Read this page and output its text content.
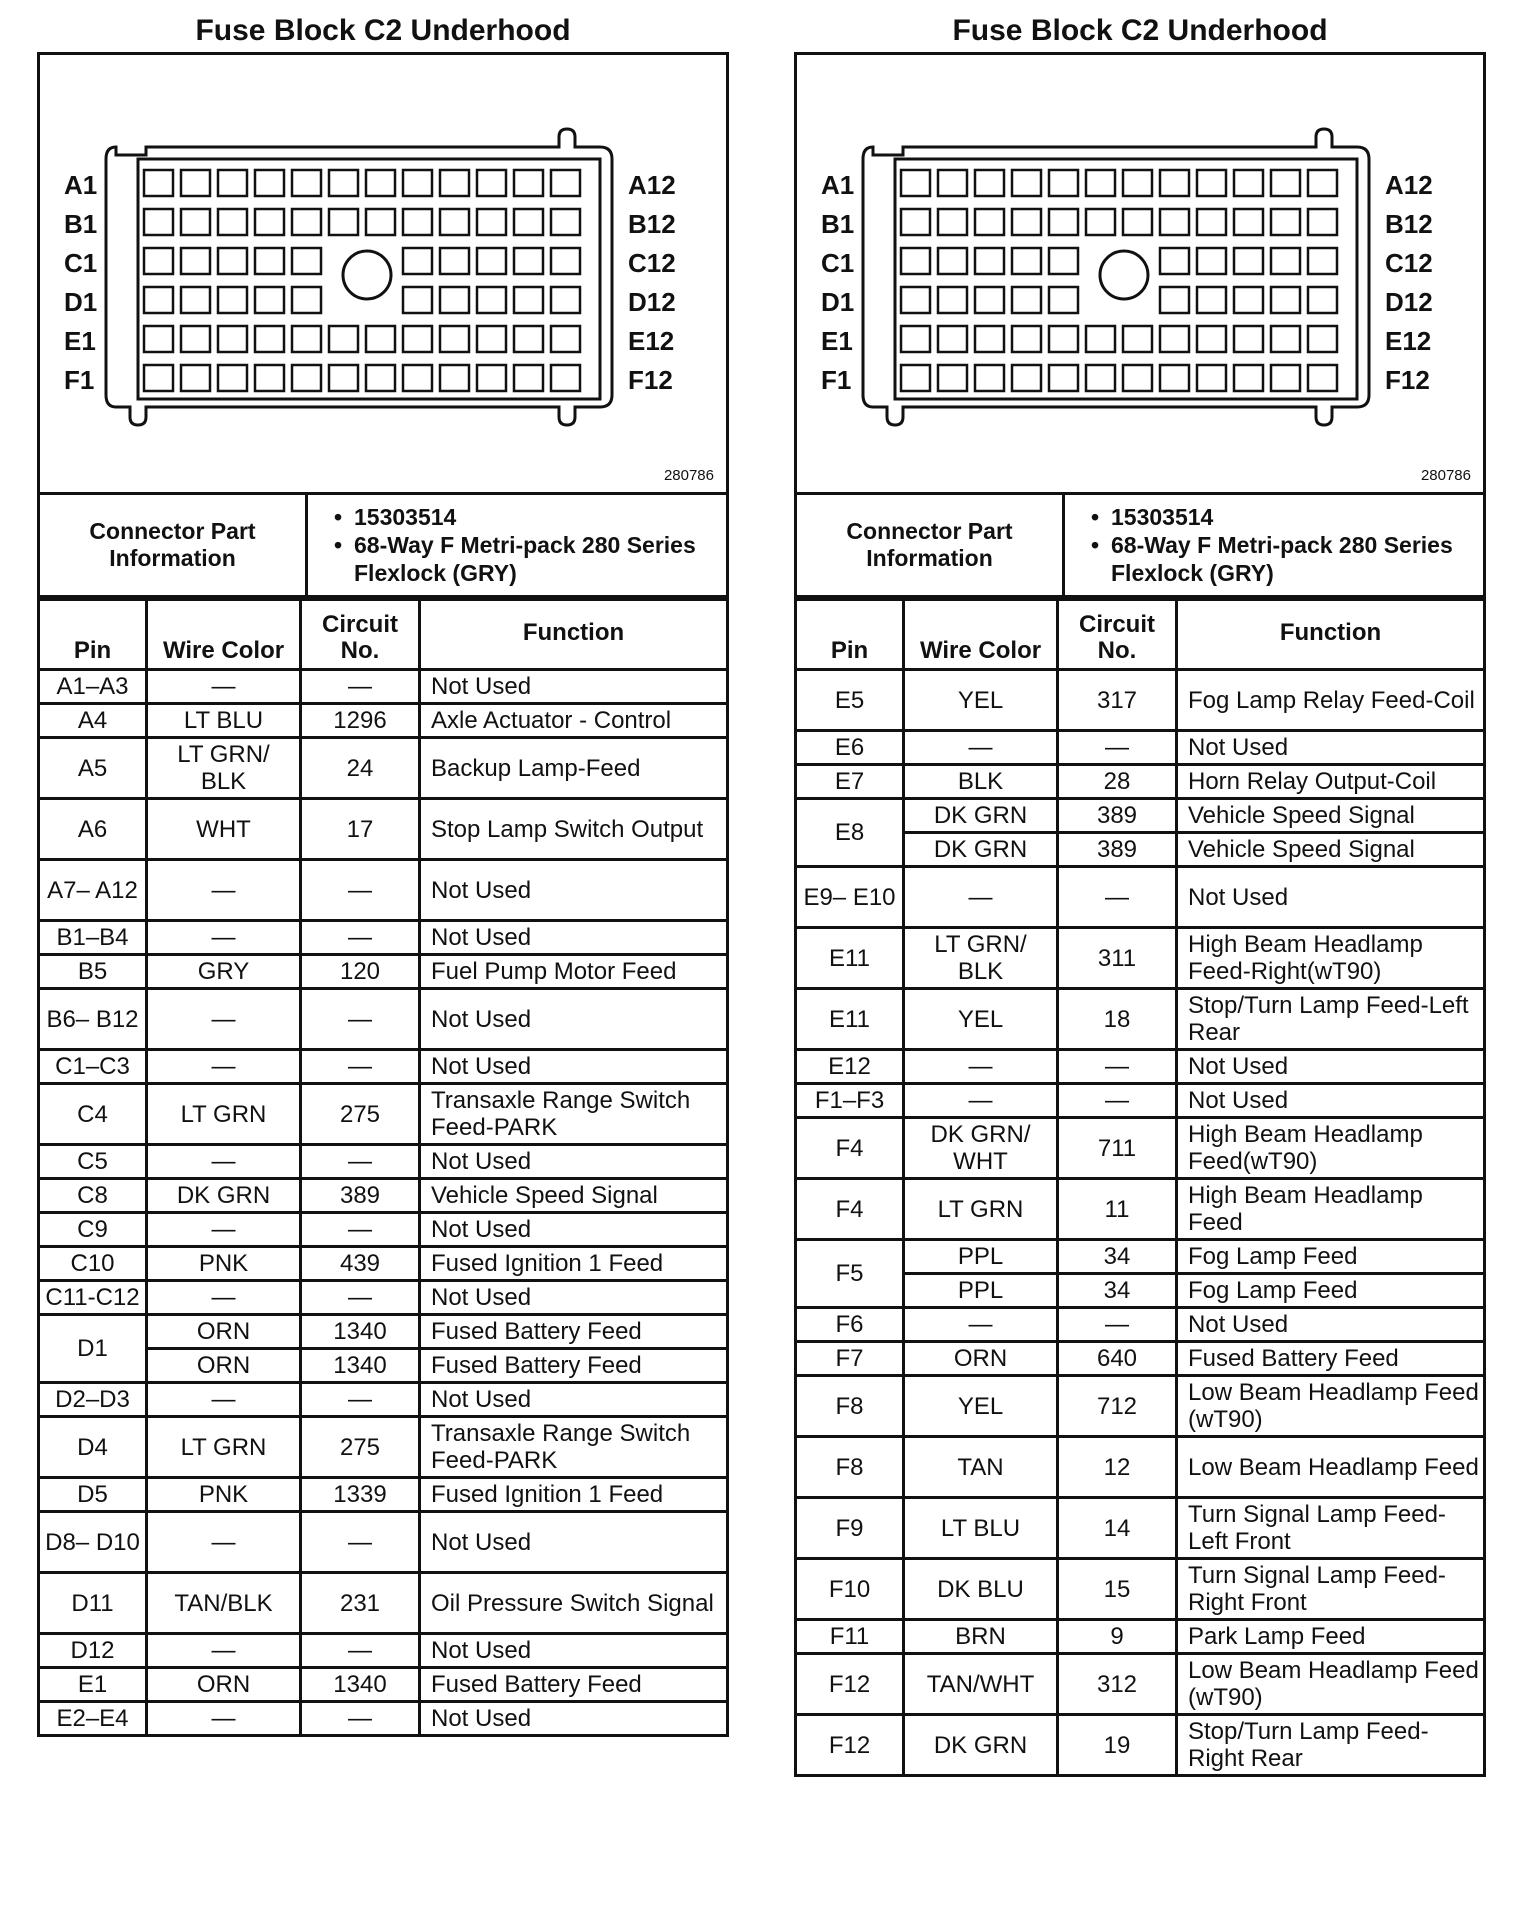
Fuse Block C2 Underhood
A1
B1
C1
D1
E1
F1
A12
B12
C12
D12
E12
F12
280786
Connector Part Information	
• 15303514
• 68-Way F Metri-pack 280 Series Flexlock (GRY)
Pin	Wire Color	Circuit No.	Function
A1–A3	—	—	Not Used
A4	LT BLU	1296	Axle Actuator - Control
A5	LT GRN/ BLK	24	Backup Lamp-Feed
A6	WHT	17	Stop Lamp Switch Output
A7– A12	—	—	Not Used
B1–B4	—	—	Not Used
B5	GRY	120	Fuel Pump Motor Feed
B6– B12	—	—	Not Used
C1–C3	—	—	Not Used
C4	LT GRN	275	Transaxle Range Switch Feed-PARK
C5	—	—	Not Used
C8	DK GRN	389	Vehicle Speed Signal
C9	—	—	Not Used
C10	PNK	439	Fused Ignition 1 Feed
C11-C12	—	—	Not Used
D1	ORN	1340	Fused Battery Feed
	ORN	1340	Fused Battery Feed
D2–D3	—	—	Not Used
D4	LT GRN	275	Transaxle Range Switch Feed-PARK
D5	PNK	1339	Fused Ignition 1 Feed
D8– D10	—	—	Not Used
D11	TAN/BLK	231	Oil Pressure Switch Signal
D12	—	—	Not Used
E1	ORN	1340	Fused Battery Feed
E2–E4	—	—	Not Used
Fuse Block C2 Underhood
A1
B1
C1
D1
E1
F1
A12
B12
C12
D12
E12
F12
280786
Connector Part Information	
• 15303514
• 68-Way F Metri-pack 280 Series Flexlock (GRY)
Pin	Wire Color	Circuit No.	Function
E5	YEL	317	Fog Lamp Relay Feed-Coil
E6	—	—	Not Used
E7	BLK	28	Horn Relay Output-Coil
E8	DK GRN	389	Vehicle Speed Signal
	DK GRN	389	Vehicle Speed Signal
E9– E10	—	—	Not Used
E11	LT GRN/ BLK	311	High Beam Headlamp Feed-Right(wT90)
E11	YEL	18	Stop/Turn Lamp Feed-Left Rear
E12	—	—	Not Used
F1–F3	—	—	Not Used
F4	DK GRN/ WHT	711	High Beam Headlamp Feed(wT90)
F4	LT GRN	11	High Beam Headlamp Feed
F5	PPL	34	Fog Lamp Feed
	PPL	34	Fog Lamp Feed
F6	—	—	Not Used
F7	ORN	640	Fused Battery Feed
F8	YEL	712	Low Beam Headlamp Feed (wT90)
F8	TAN	12	Low Beam Headlamp Feed
F9	LT BLU	14	Turn Signal Lamp Feed-Left Front
F10	DK BLU	15	Turn Signal Lamp Feed-Right Front
F11	BRN	9	Park Lamp Feed
F12	TAN/WHT	312	Low Beam Headlamp Feed (wT90)
F12	DK GRN	19	Stop/Turn Lamp Feed-Right Rear
